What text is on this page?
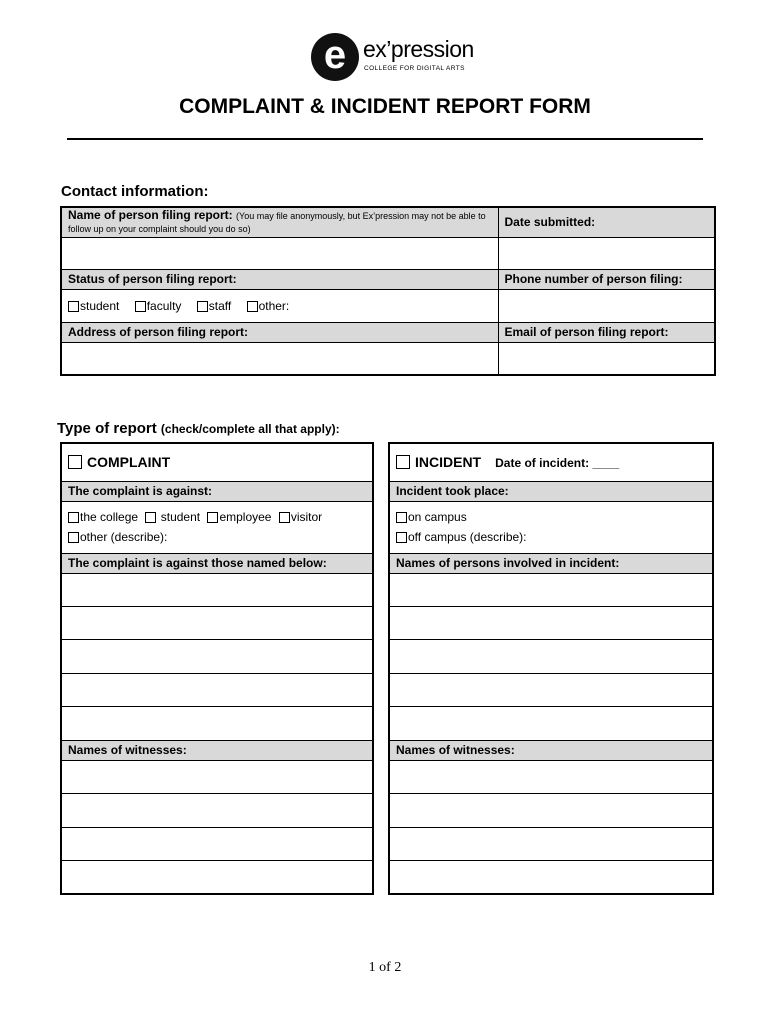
e ex’pression
COLLEGE FOR DIGITAL ARTS
COMPLAINT & INCIDENT REPORT FORM
Contact information:
Name of person filing report: (You may file anonymously, but Ex’pression may not be able to follow up on your complaint should you do so)	Date submitted:

Status of person filing report:	Phone number of person filing:
student faculty staff other:	
Address of person filing report:	Email of person filing report:

Type of report (check/complete all that apply):
COMPLAINT
The complaint is against:

the college student employee visitor
other (describe):

The complaint is against those named below:

Names of witnesses:

INCIDENT Date of incident: ____
Incident took place:

on campus
off campus (describe):

Names of persons involved in incident:

Names of witnesses:

1 of 2
